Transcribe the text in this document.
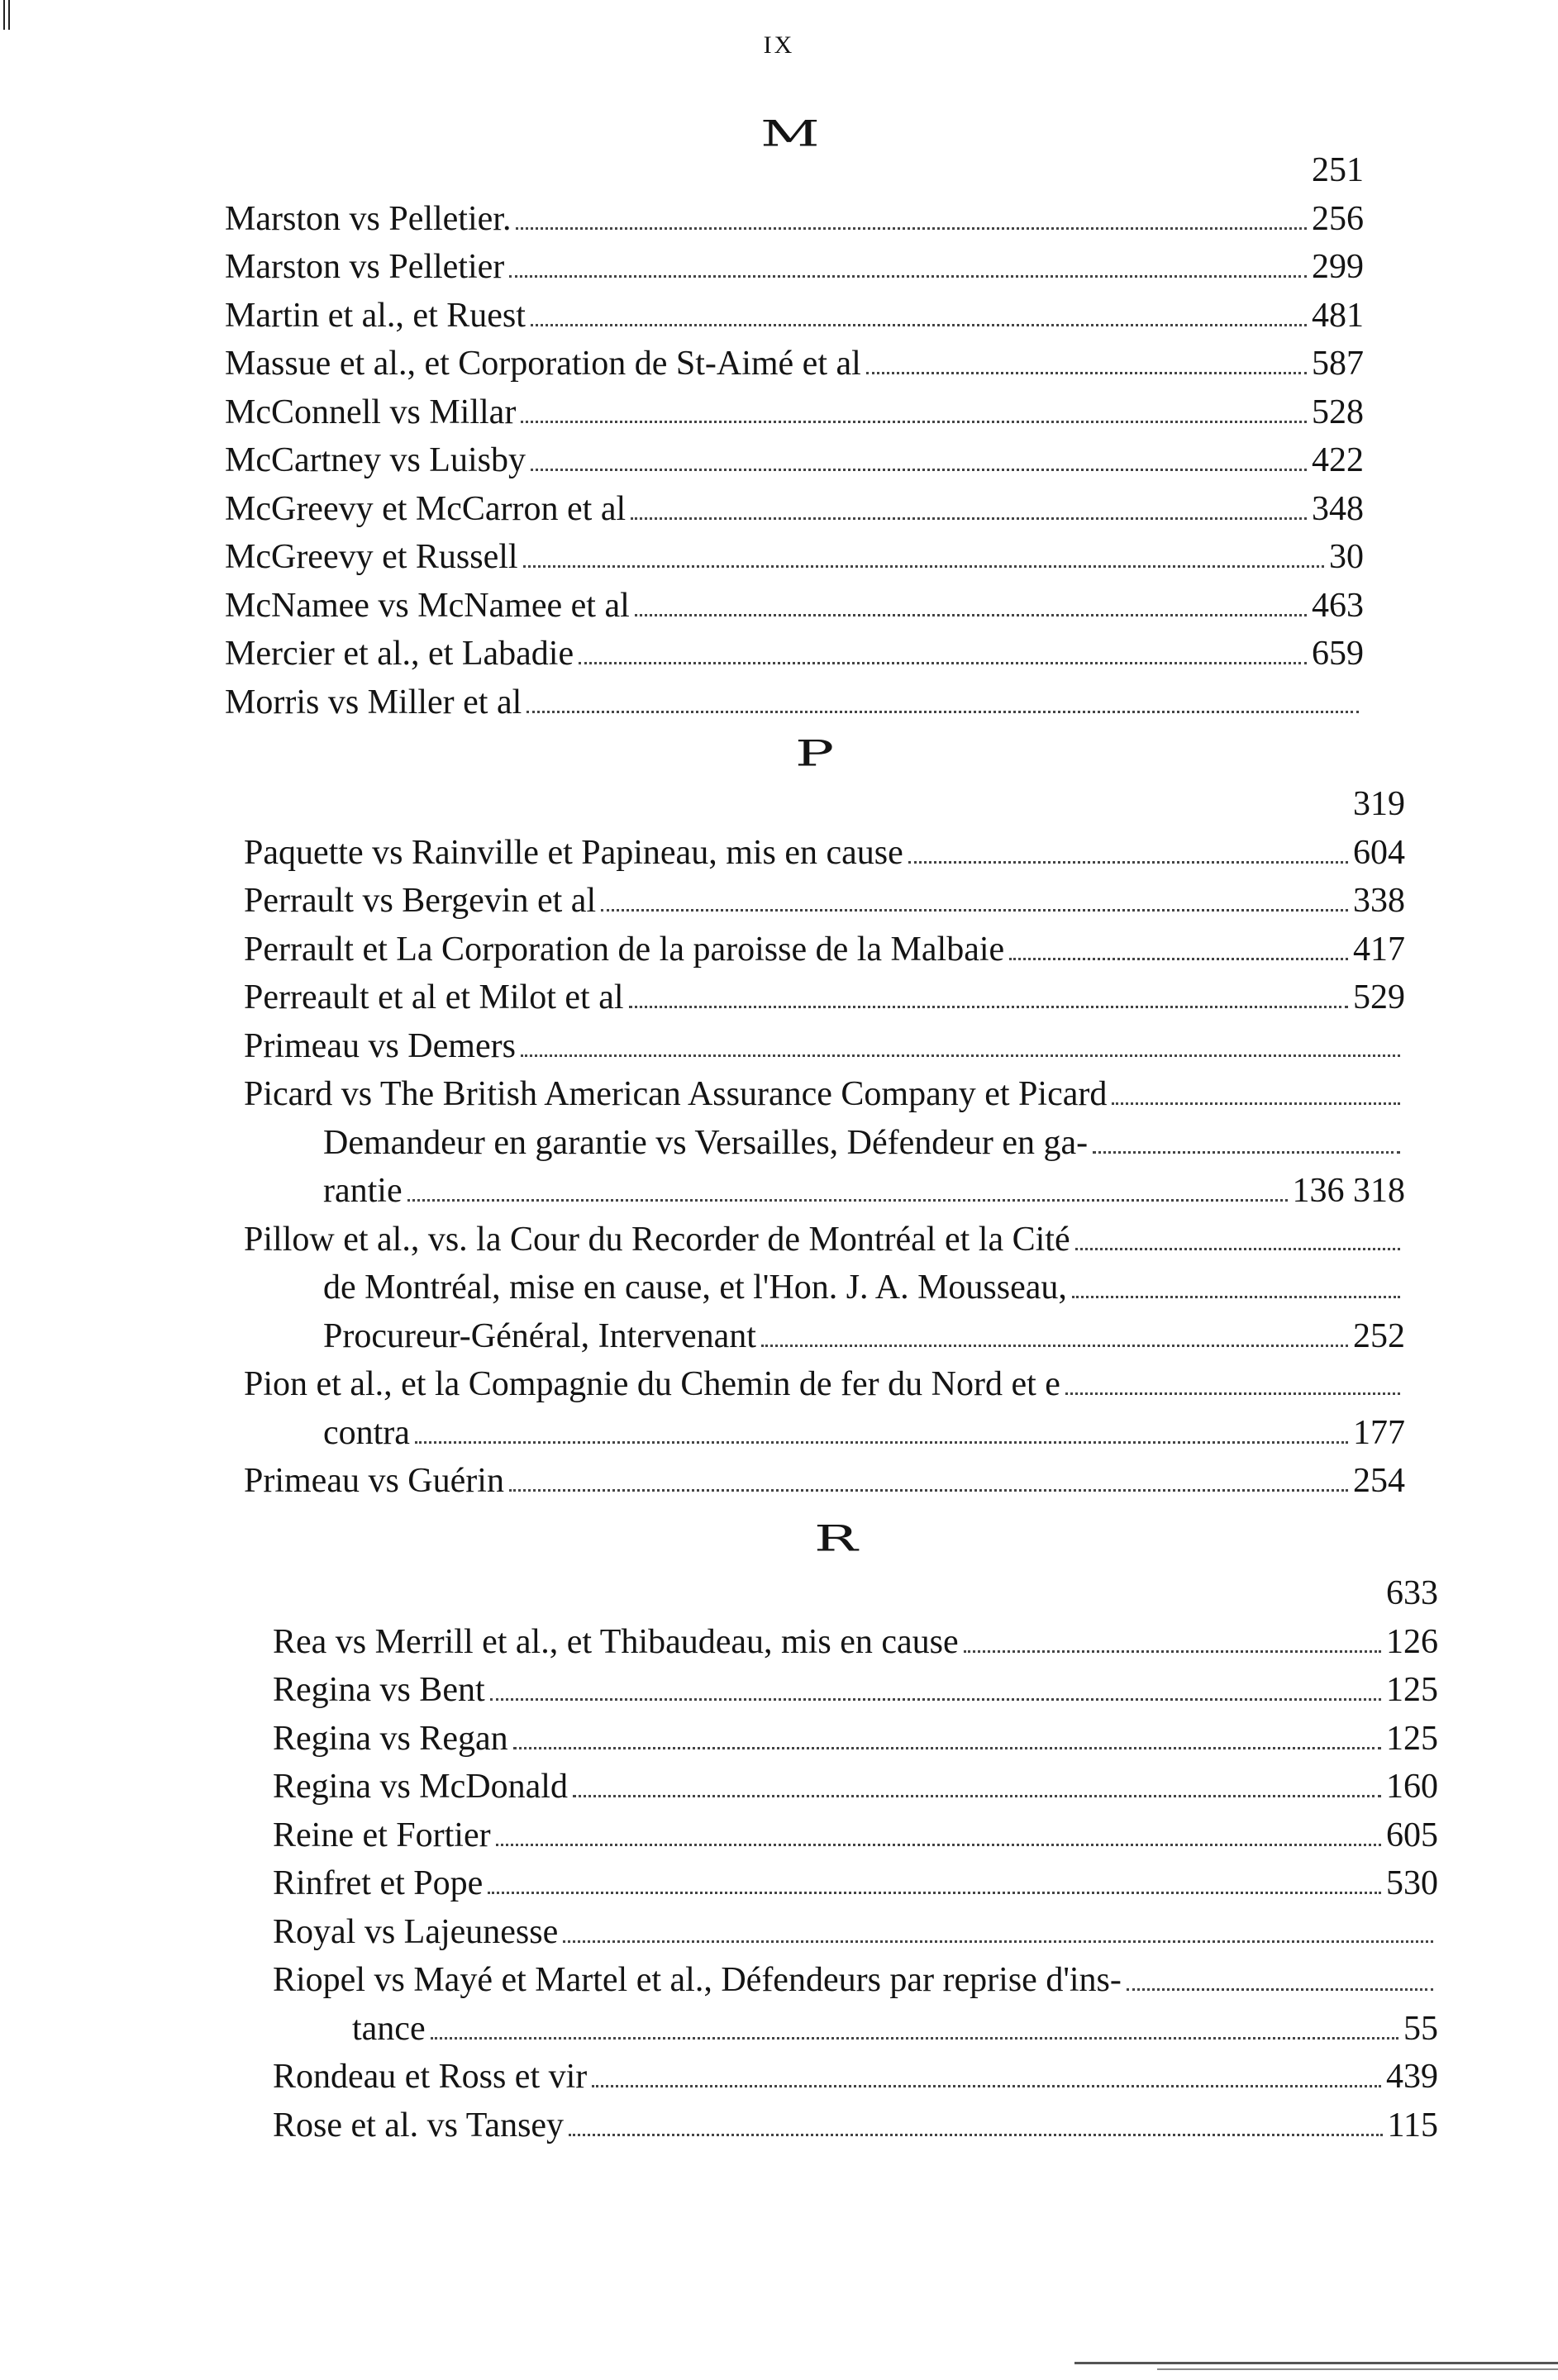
IX
M
251
Marston vs Pelletier.	256
Marston vs Pelletier	299
Martin et al., et Ruest	481
Massue et al., et Corporation de St-Aimé et al	587
McConnell vs Millar	528
McCartney vs Luisby	422
McGreevy et McCarron et al	348
McGreevy et Russell	30
McNamee vs McNamee et al	463
Mercier et al., et Labadie	659
Morris vs Miller et al
P
319
Paquette vs Rainville et Papineau, mis en cause	604
Perrault vs Bergevin et al	338
Perrault et La Corporation de la paroisse de la Malbaie	417
Perreault et al et Milot et al	529
Primeau vs Demers
Picard vs The British American Assurance Company et Picard
Demandeur en garantie vs Versailles, Défendeur en ga-
rantie	136 318
Pillow et al., vs. la Cour du Recorder de Montréal et la Cité
de Montréal, mise en cause, et l'Hon. J. A. Mousseau,
Procureur-Général, Intervenant	252
Pion et al., et la Compagnie du Chemin de fer du Nord et e
contra	177
Primeau vs Guérin	254
R
633
Rea vs Merrill et al., et Thibaudeau, mis en cause	126
Regina vs Bent	125
Regina vs Regan	125
Regina vs McDonald	160
Reine et Fortier	605
Rinfret et Pope	530
Royal vs Lajeunesse
Riopel vs Mayé et Martel et al., Défendeurs par reprise d'ins-
tance	55
Rondeau et Ross et vir	439
Rose et al. vs Tansey	115
